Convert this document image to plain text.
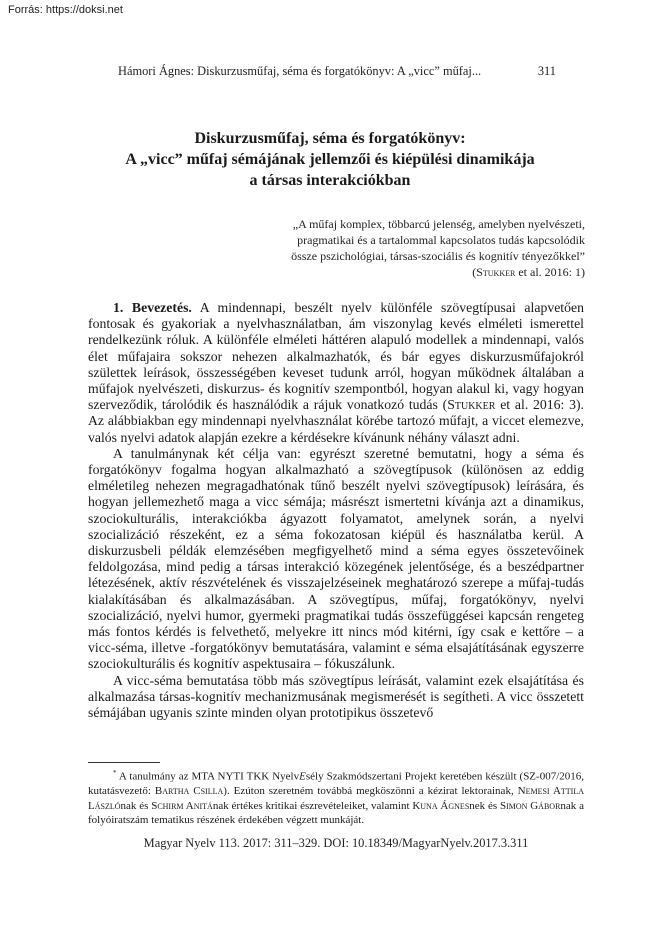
Forrás: https://doksi.net
Hámori Ágnes: Diskurzusműfaj, séma és forgatókönyv: A „vicc” műfaj...	311
Diskurzusműfaj, séma és forgatókönyv:
A „vicc” műfaj sémájának jellemzői és kiépülési dinamikája
a társas interakciókban
„A műfaj komplex, többarcú jelenség, amelyben nyelvészeti,
pragmatikai és a tartalommal kapcsolatos tudás kapcsolódik
össze pszichológiai, társas-szociális és kognitív tényezőkkel”
(Stukker et al. 2016: 1)

1. Bevezetés. A mindennapi, beszélt nyelv különféle szövegtípusai alapvetően fontosak és gyakoriak a nyelvhasználatban, ám viszonylag kevés elméleti ismerettel rendelkezünk róluk. A különféle elméleti háttéren alapuló modellek a mindennapi, valós élet műfajaira sokszor nehezen alkalmazhatók, és bár egyes diskurzusműfajokról születtek leírások, összességében keveset tudunk arról, hogyan működnek általában a műfajok nyelvészeti, diskurzus- és kognitív szempontból, hogyan alakul ki, vagy hogyan szerveződik, tárolódik és használódik a rájuk vonatkozó tudás (Stukker et al. 2016: 3). Az alábbiakban egy mindennapi nyelvhasználat körébe tartozó műfajt, a viccet elemezve, valós nyelvi adatok alapján ezekre a kérdésekre kívánunk néhány választ adni.

A tanulmánynak két célja van: egyrészt szeretné bemutatni, hogy a séma és forgatókönyv fogalma hogyan alkalmazható a szövegtípusok (különösen az eddig elméletileg nehezen megragadhatónak tűnő beszélt nyelvi szövegtípusok) leírására, és hogyan jellemezhető maga a vicc sémája; másrészt ismertetni kívánja azt a dinamikus, szociokulturális, interakciókba ágyazott folyamatot, amelynek során, a nyelvi szocializáció részeként, ez a séma fokozatosan kiépül és használatba kerül. A diskurzusbeli példák elemzésében megfigyelhető mind a séma egyes összetevőinek feldolgozása, mind pedig a társas interakció közegének jelentősége, és a beszédpartner létezésének, aktív részvételének és visszajelzéseinek meghatározó szerepe a műfaj-tudás kialakításában és alkalmazásában. A szövegtípus, műfaj, forgatókönyv, nyelvi szocializáció, nyelvi humor, gyermeki pragmatikai tudás összefüggései kapcsán rengeteg más fontos kérdés is felvethető, melyekre itt nincs mód kitérni, így csak e kettőre – a vicc-séma, illetve -forgatókönyv bemutatására, valamint e séma elsajátításának egyszerre szociokulturális és kognitív aspektusaira – fókuszálunk.

A vicc-séma bemutatása több más szövegtípus leírását, valamint ezek elsajátítása és alkalmazása társas-kognitív mechanizmusának megismerését is segítheti. A vicc összetett sémájában ugyanis szinte minden olyan prototipikus összetevő

* A tanulmány az MTA NYTI TKK NyelvEsély Szakmódszertani Projekt keretében készült (SZ-007/2016, kutatásvezető: Bartha Csilla). Ezúton szeretném továbbá megköszönni a kézirat lektorainak, Nemesi Attila Lászlónak és Schirm Anitának értékes kritikai észrevételeiket, valamint Kuna Ágnesnek és Simon Gábornak a folyóiratszám tematikus részének érdekében végzett munkáját.
Magyar Nyelv 113. 2017: 311–329. DOI: 10.18349/MagyarNyelv.2017.3.311
